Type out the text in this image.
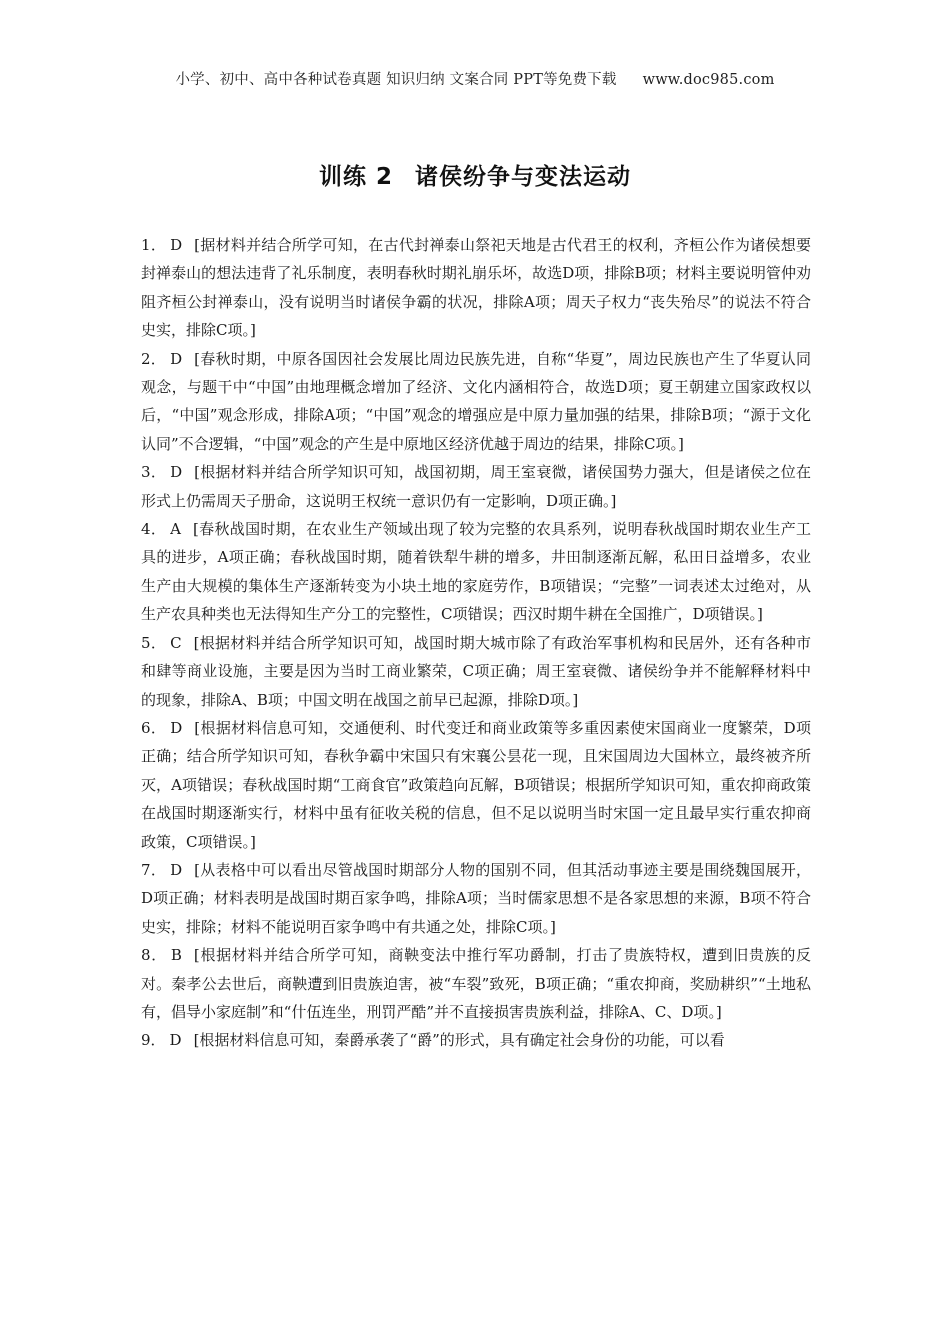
小学、初中、高中各种试卷真题 知识归纳 文案合同 PPT等免费下载 www.doc985.com
训练 2 诸侯纷争与变法运动

1． D [据材料并结合所学可知，在古代封禅泰山祭祀天地是古代君王的权利，齐桓公作为诸侯想要封禅泰山的想法违背了礼乐制度，表明春秋时期礼崩乐坏，故选D项，排除B项；材料主要说明管仲劝阻齐桓公封禅泰山，没有说明当时诸侯争霸的状况，排除A项；周天子权力“丧失殆尽”的说法不符合史实，排除C项。]

2． D [春秋时期，中原各国因社会发展比周边民族先进，自称“华夏”，周边民族也产生了华夏认同观念，与题干中“中国”由地理概念增加了经济、文化内涵相符合，故选D项；夏王朝建立国家政权以后，“中国”观念形成，排除A项；“中国”观念的增强应是中原力量加强的结果，排除B项；“源于文化认同”不合逻辑，“中国”观念的产生是中原地区经济优越于周边的结果，排除C项。]

3． D [根据材料并结合所学知识可知，战国初期，周王室衰微，诸侯国势力强大，但是诸侯之位在形式上仍需周天子册命，这说明王权统一意识仍有一定影响，D项正确。]

4． A [春秋战国时期，在农业生产领域出现了较为完整的农具系列，说明春秋战国时期农业生产工具的进步，A项正确；春秋战国时期，随着铁犁牛耕的增多，井田制逐渐瓦解，私田日益增多，农业生产由大规模的集体生产逐渐转变为小块土地的家庭劳作，B项错误；“完整”一词表述太过绝对，从生产农具种类也无法得知生产分工的完整性，C项错误；西汉时期牛耕在全国推广，D项错误。]

5． C [根据材料并结合所学知识可知，战国时期大城市除了有政治军事机构和民居外，还有各种市和肆等商业设施，主要是因为当时工商业繁荣，C项正确；周王室衰微、诸侯纷争并不能解释材料中的现象，排除A、B项；中国文明在战国之前早已起源，排除D项。]

6． D [根据材料信息可知，交通便利、时代变迁和商业政策等多重因素使宋国商业一度繁荣，D项正确；结合所学知识可知，春秋争霸中宋国只有宋襄公昙花一现，且宋国周边大国林立，最终被齐所灭，A项错误；春秋战国时期“工商食官”政策趋向瓦解，B项错误；根据所学知识可知，重农抑商政策在战国时期逐渐实行，材料中虽有征收关税的信息，但不足以说明当时宋国一定且最早实行重农抑商政策，C项错误。]

7． D [从表格中可以看出尽管战国时期部分人物的国别不同，但其活动事迹主要是围绕魏国展开，D项正确；材料表明是战国时期百家争鸣，排除A项；当时儒家思想不是各家思想的来源，B项不符合史实，排除；材料不能说明百家争鸣中有共通之处，排除C项。]

8． B [根据材料并结合所学可知，商鞅变法中推行军功爵制，打击了贵族特权，遭到旧贵族的反对。秦孝公去世后，商鞅遭到旧贵族迫害，被“车裂”致死，B项正确；“重农抑商，奖励耕织”“土地私有，倡导小家庭制”和“什伍连坐，刑罚严酷”并不直接损害贵族利益，排除A、C、D项。]

9． D [根据材料信息可知，秦爵承袭了“爵”的形式，具有确定社会身份的功能，可以看
